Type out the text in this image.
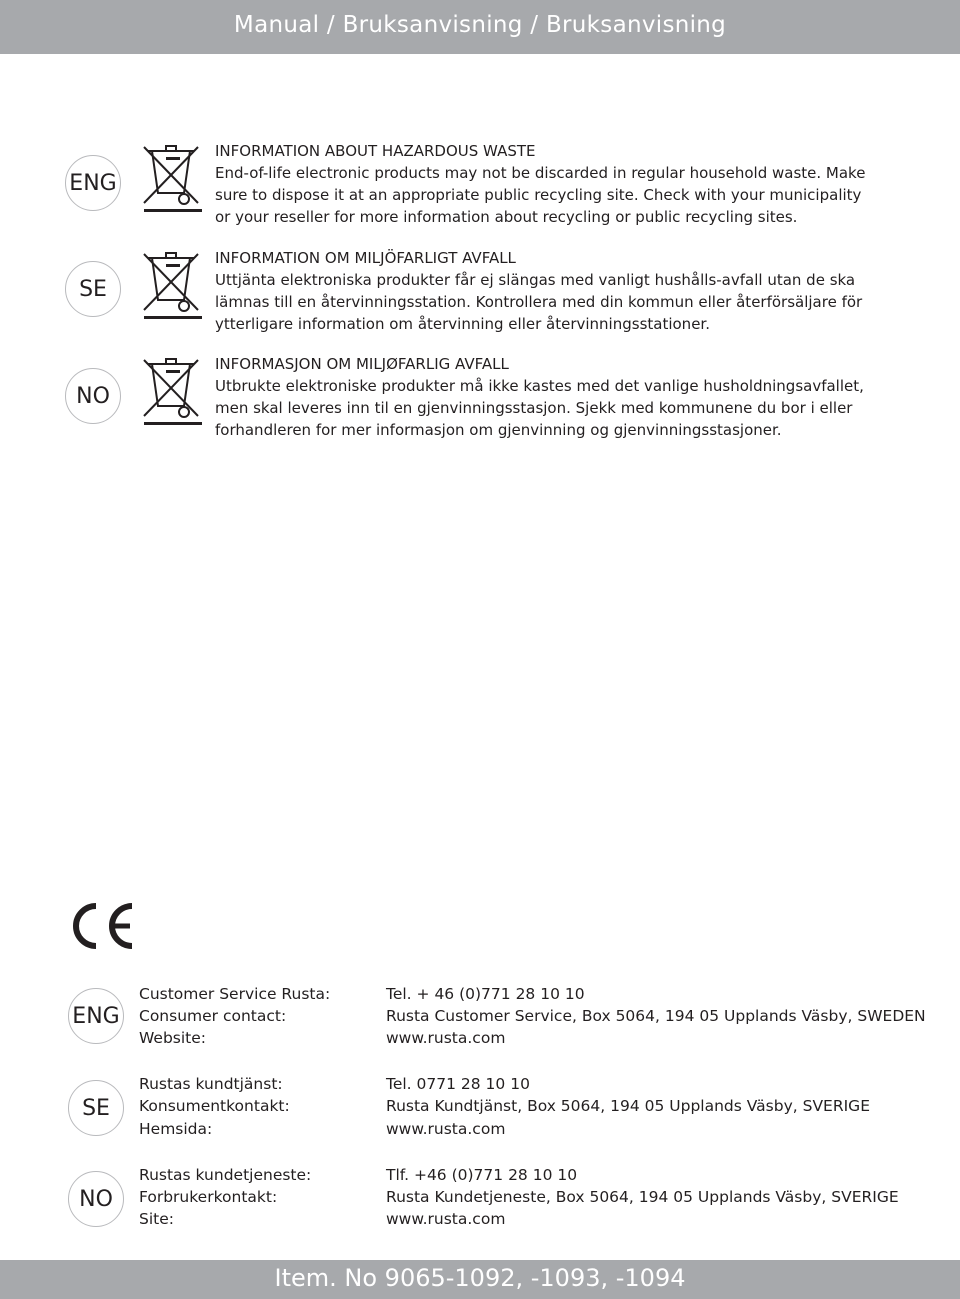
Manual / Bruksanvisning / Bruksanvisning
ENG
INFORMATION ABOUT HAZARDOUS WASTE
End-of-life electronic products may not be discarded in regular household waste. Make
sure to dispose it at an appropriate public recycling site. Check with your municipality
or your reseller for more information about recycling or public recycling sites.
SE
INFORMATION OM MILJÖFARLIGT AVFALL
Uttjänta elektroniska produkter får ej slängas med vanligt hushålls-avfall utan de ska
lämnas till en återvinningsstation. Kontrollera med din kommun eller återförsäljare för
ytterligare information om återvinning eller återvinningsstationer.
NO
INFORMASJON OM MILJØFARLIG AVFALL
Utbrukte elektroniske produkter må ikke kastes med det vanlige husholdningsavfallet,
men skal leveres inn til en gjenvinningsstasjon. Sjekk med kommunene du bor i eller
forhandleren for mer informasjon om gjenvinning og gjenvinningsstasjoner.
ENG
Customer Service Rusta:	Tel. + 46 (0)771 28 10 10
Consumer contact:	Rusta Customer Service, Box 5064, 194 05 Upplands Väsby, SWEDEN
Website:	www.rusta.com
SE
Rustas kundtjänst:	Tel. 0771 28 10 10
Konsumentkontakt:	Rusta Kundtjänst, Box 5064, 194 05 Upplands Väsby, SVERIGE
Hemsida:	www.rusta.com
NO
Rustas kundetjeneste:	Tlf. +46 (0)771 28 10 10
Forbrukerkontakt:	Rusta Kundetjeneste, Box 5064, 194 05 Upplands Väsby, SVERIGE
Site:	www.rusta.com
Item. No 9065-1092, -1093, -1094
